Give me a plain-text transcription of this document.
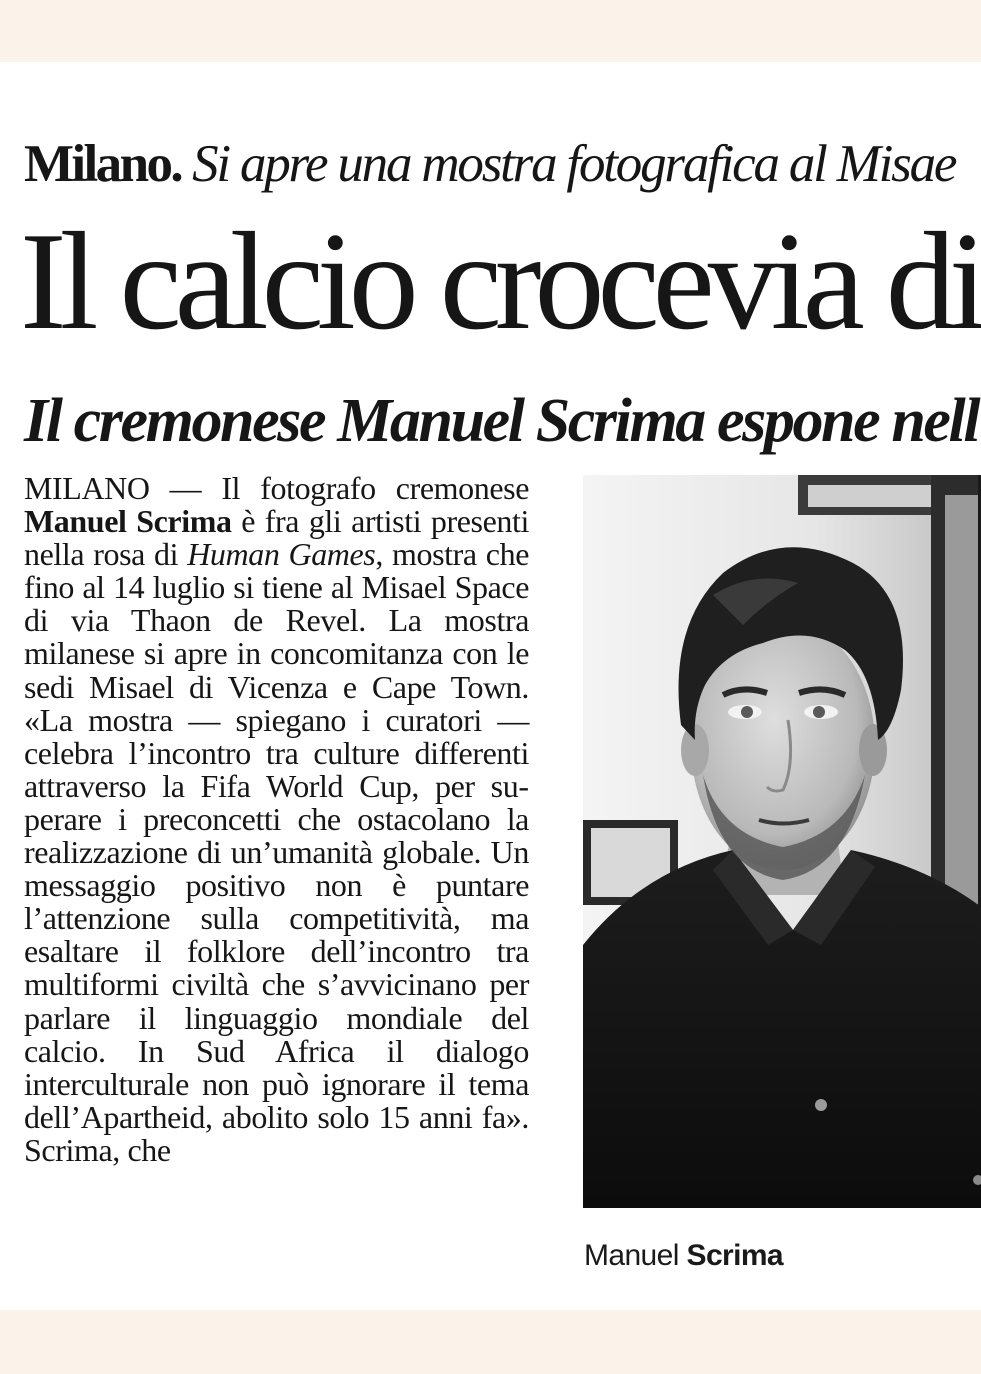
Milano. Si apre una mostra fotografica al Misae
Il calcio crocevia di
Il cremonese Manuel Scrima espone nell

MILANO — Il fotografo cremonese Manuel Scrima è fra gli artisti presenti nella rosa di Human Games, mostra che fino al 14 luglio si tiene al Misael Space di via Thaon de Revel. La mostra milanese si apre in concomitanza con le sedi Misael di Vicenza e Cape Town. «La mostra — spiegano i curatori — celebra l’incontro tra culture differenti attraverso la Fifa World Cup, per superare i preconcetti che ostacolano la realizzazione di un’umanità globale. Un messaggio positivo non è puntare l’attenzione sulla competitività, ma esaltare il folklore dell’incontro tra multiformi civiltà che s’avvicinano per parlare il linguaggio mondiale del calcio. In Sud Africa il dialogo interculturale non può ignorare il tema dell’Apartheid, abolito solo 15 anni fa». Scrima, che

Manuel Scrima
